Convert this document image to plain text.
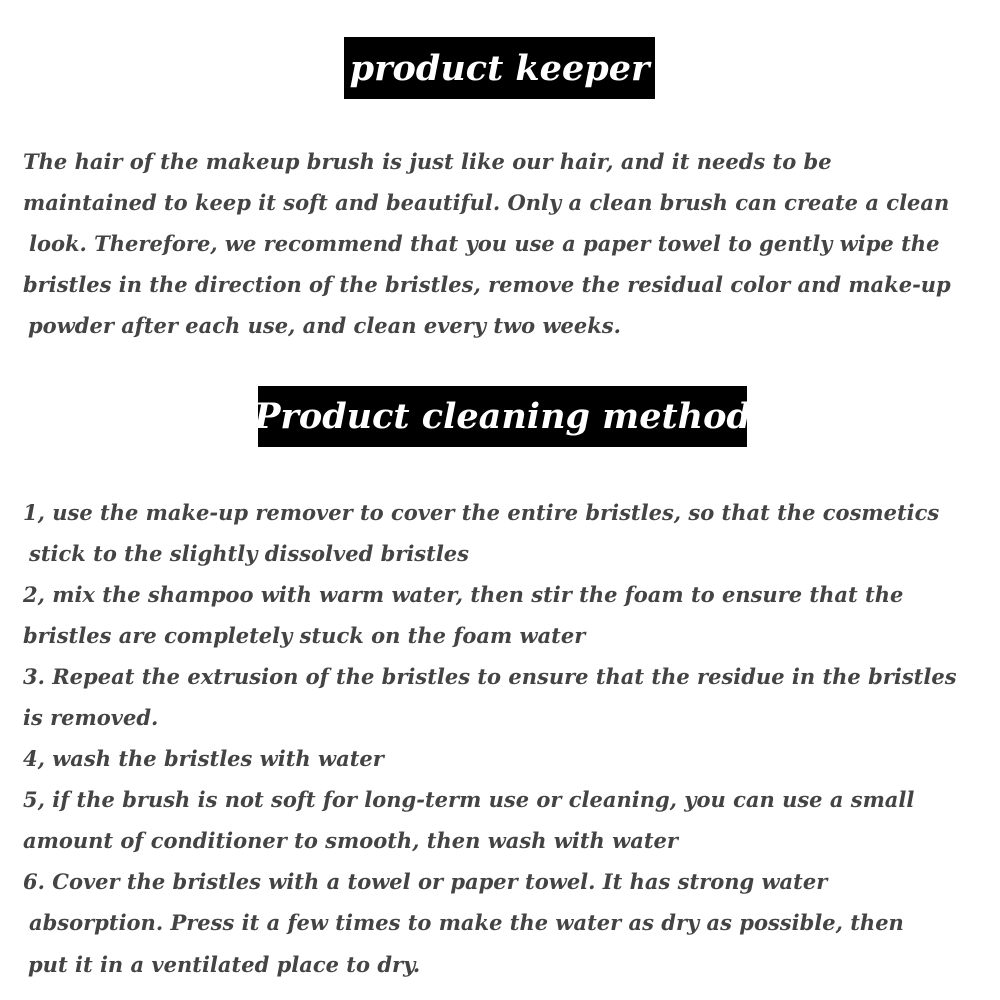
product keeper
The hair of the makeup brush is just like our hair, and it needs to be
maintained to keep it soft and beautiful. Only a clean brush can create a clean
look. Therefore, we recommend that you use a paper towel to gently wipe the
bristles in the direction of the bristles, remove the residual color and make-up
powder after each use, and clean every two weeks.
Product cleaning method
1, use the make-up remover to cover the entire bristles, so that the cosmetics
stick to the slightly dissolved bristles
2, mix the shampoo with warm water, then stir the foam to ensure that the
bristles are completely stuck on the foam water
3. Repeat the extrusion of the bristles to ensure that the residue in the bristles
is removed.
4, wash the bristles with water
5, if the brush is not soft for long-term use or cleaning, you can use a small
amount of conditioner to smooth, then wash with water
6. Cover the bristles with a towel or paper towel. It has strong water
absorption. Press it a few times to make the water as dry as possible, then
put it in a ventilated place to dry.
